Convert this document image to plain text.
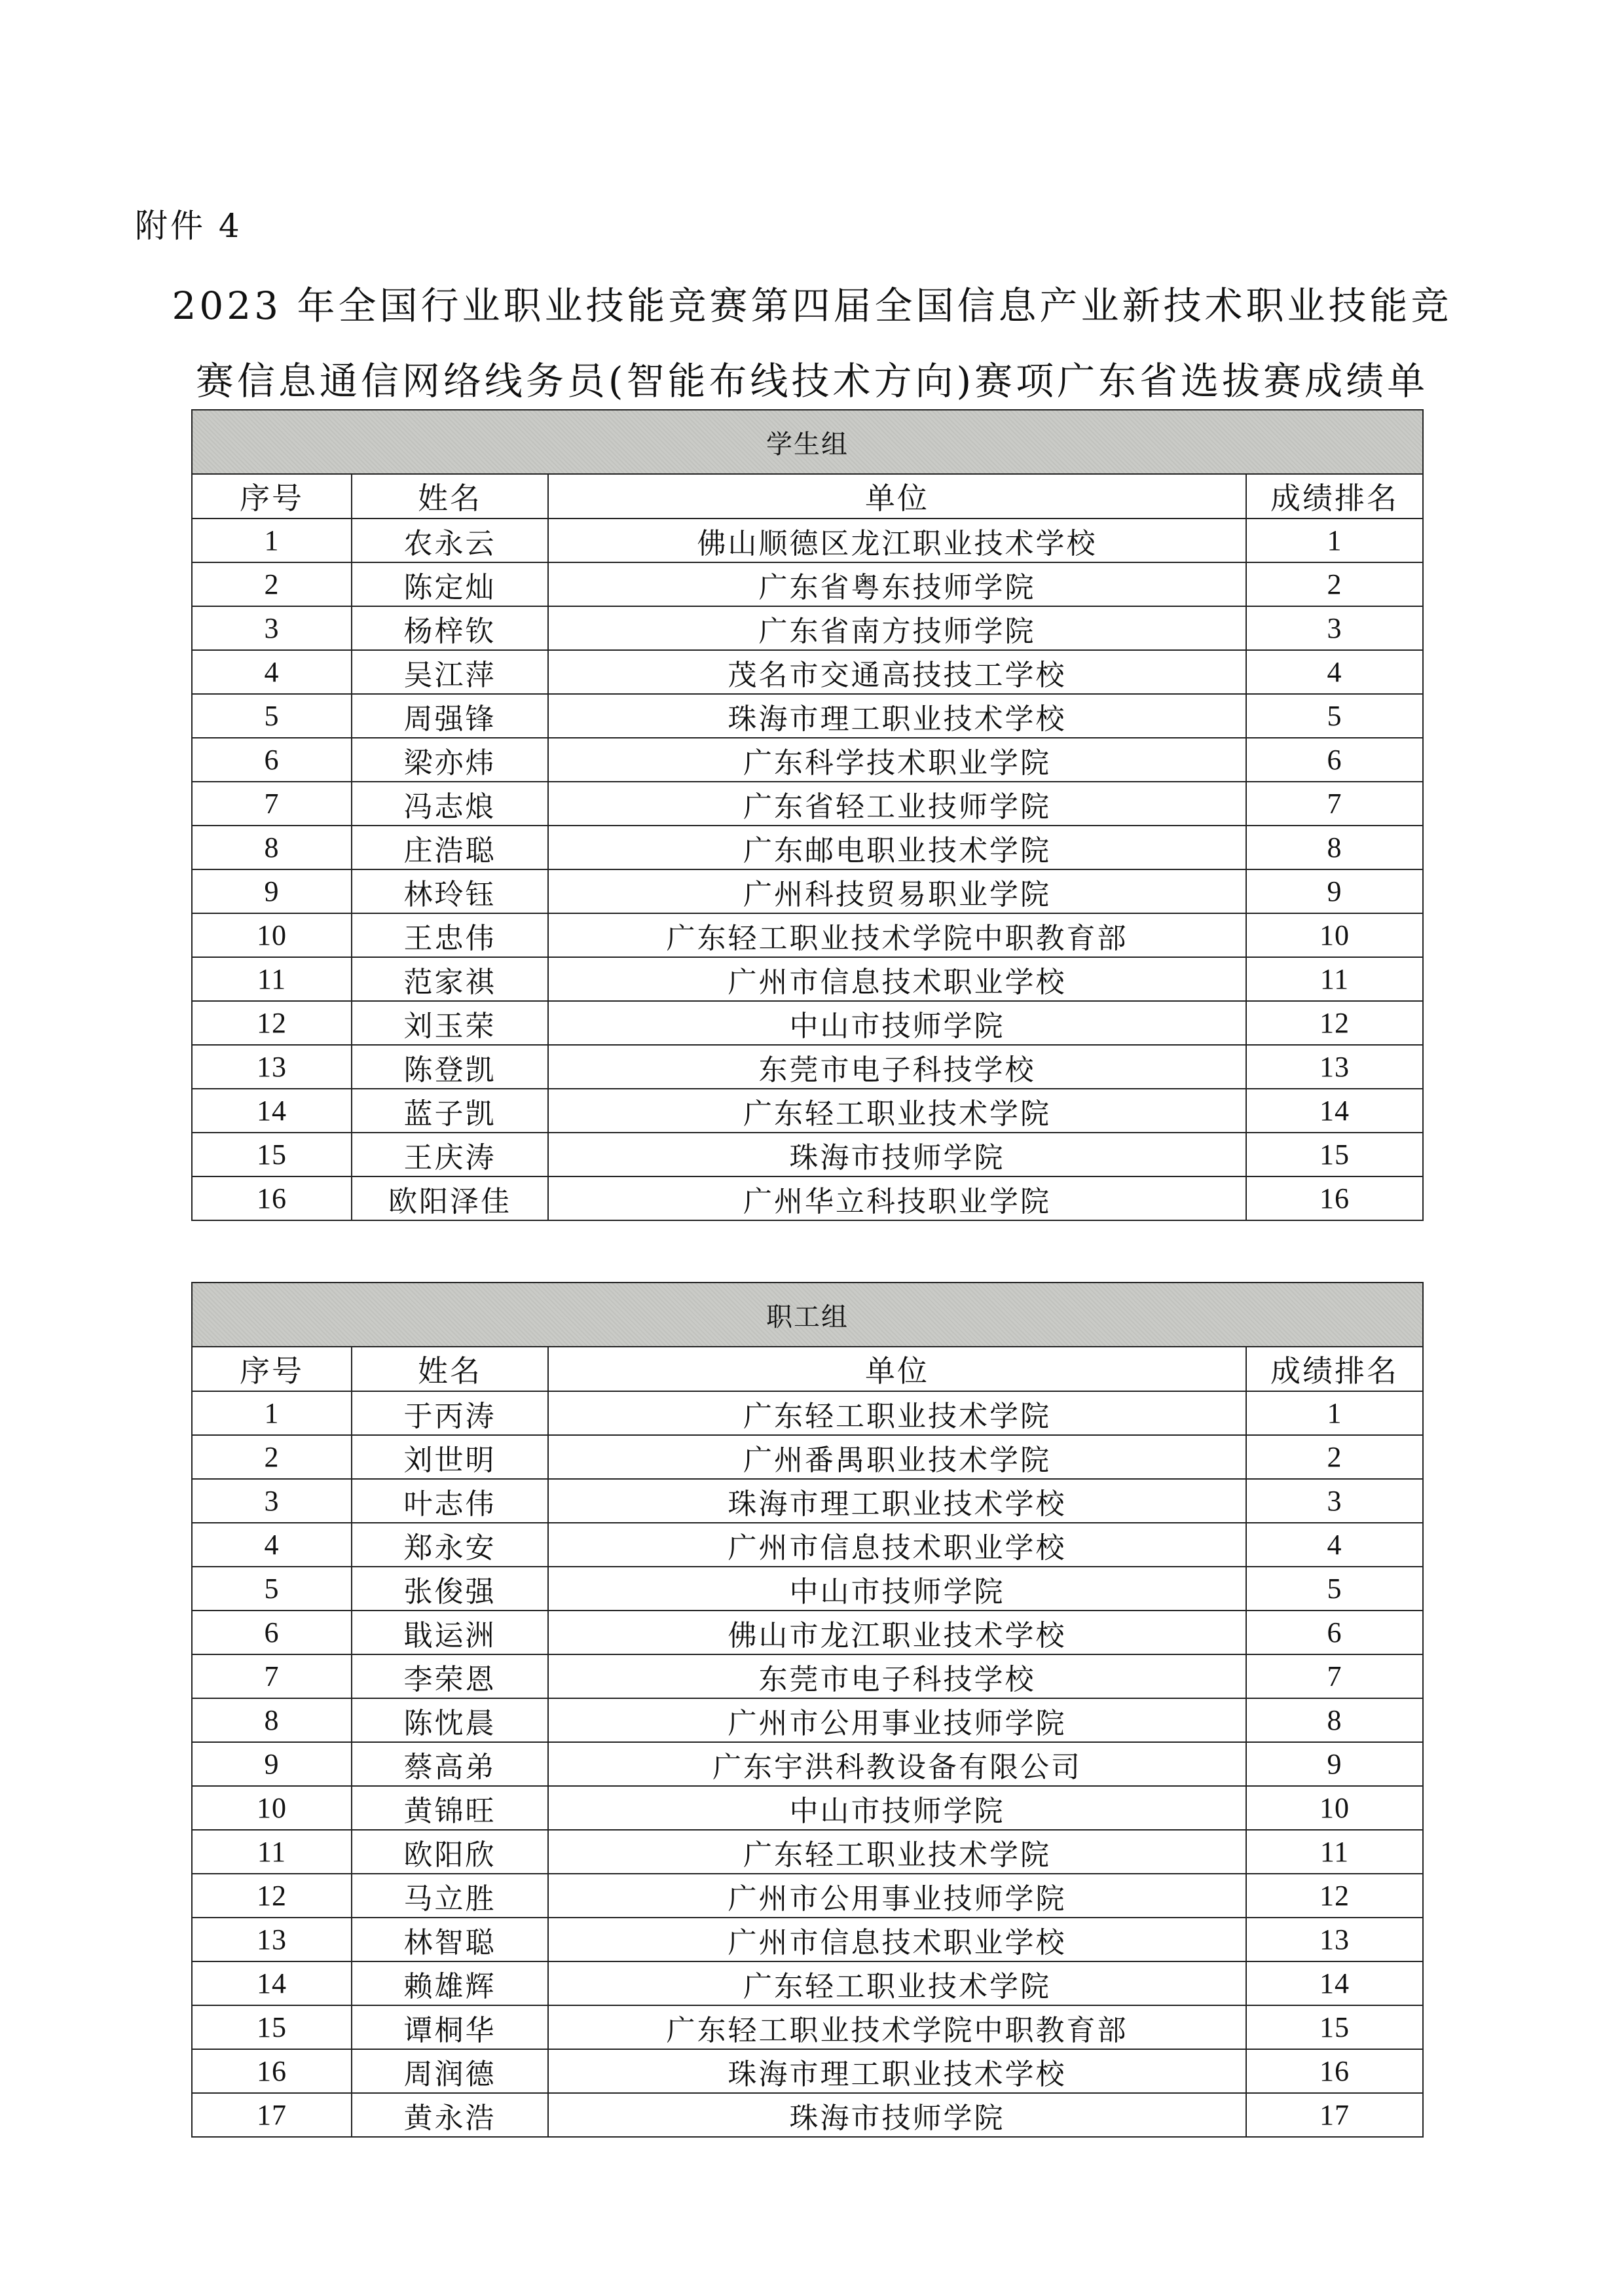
附件 4
2023 年全国行业职业技能竞赛第四届全国信息产业新技术职业技能竞
赛信息通信网络线务员(智能布线技术方向)赛项广东省选拔赛成绩单
学生组			
序号	姓名	单位	成绩排名
1	农永云	佛山顺德区龙江职业技术学校	1
2	陈定灿	广东省粤东技师学院	2
3	杨梓钦	广东省南方技师学院	3
4	吴江萍	茂名市交通高技技工学校	4
5	周强锋	珠海市理工职业技术学校	5
6	梁亦炜	广东科学技术职业学院	6
7	冯志烺	广东省轻工业技师学院	7
8	庄浩聪	广东邮电职业技术学院	8
9	林玲钰	广州科技贸易职业学院	9
10	王忠伟	广东轻工职业技术学院中职教育部	10
11	范家祺	广州市信息技术职业学校	11
12	刘玉荣	中山市技师学院	12
13	陈登凯	东莞市电子科技学校	13
14	蓝子凯	广东轻工职业技术学院	14
15	王庆涛	珠海市技师学院	15
16	欧阳泽佳	广州华立科技职业学院	16
职工组			
序号	姓名	单位	成绩排名
1	于丙涛	广东轻工职业技术学院	1
2	刘世明	广州番禺职业技术学院	2
3	叶志伟	珠海市理工职业技术学校	3
4	郑永安	广州市信息技术职业学校	4
5	张俊强	中山市技师学院	5
6	戢运洲	佛山市龙江职业技术学校	6
7	李荣恩	东莞市电子科技学校	7
8	陈忱晨	广州市公用事业技师学院	8
9	蔡高弟	广东宇洪科教设备有限公司	9
10	黄锦旺	中山市技师学院	10
11	欧阳欣	广东轻工职业技术学院	11
12	马立胜	广州市公用事业技师学院	12
13	林智聪	广州市信息技术职业学校	13
14	赖雄辉	广东轻工职业技术学院	14
15	谭桐华	广东轻工职业技术学院中职教育部	15
16	周润德	珠海市理工职业技术学校	16
17	黄永浩	珠海市技师学院	17
